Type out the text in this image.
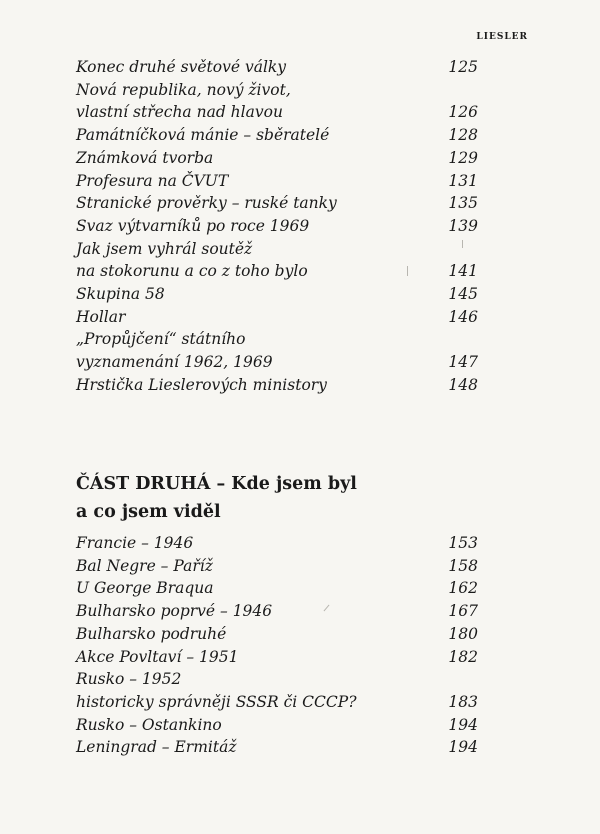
LIESLER
Konec druhé světové války	125
Nová republika, nový život,
vlastní střecha nad hlavou	126
Památníčková mánie – sběratelé	128
Známková tvorba	129
Profesura na ČVUT	131
Stranické prověrky – ruské tanky	135
Svaz výtvarníků po roce 1969	139
Jak jsem vyhrál soutěž
na stokorunu a co z toho bylo	141
Skupina 58	145
Hollar	146
„Propůjčení“ státního
vyznamenání 1962, 1969	147
Hrstička Lieslerových ministory	148
ČÁST DRUHÁ – Kde jsem byl
a co jsem viděl
Francie – 1946	153
Bal Negre – Paříž	158
U George Braqua	162
Bulharsko poprvé – 1946	167
Bulharsko podruhé	180
Akce Povltaví – 1951	182
Rusko – 1952
historicky správněji SSSR či CCCP?	183
Rusko – Ostankino	194
Leningrad – Ermitáž	194
